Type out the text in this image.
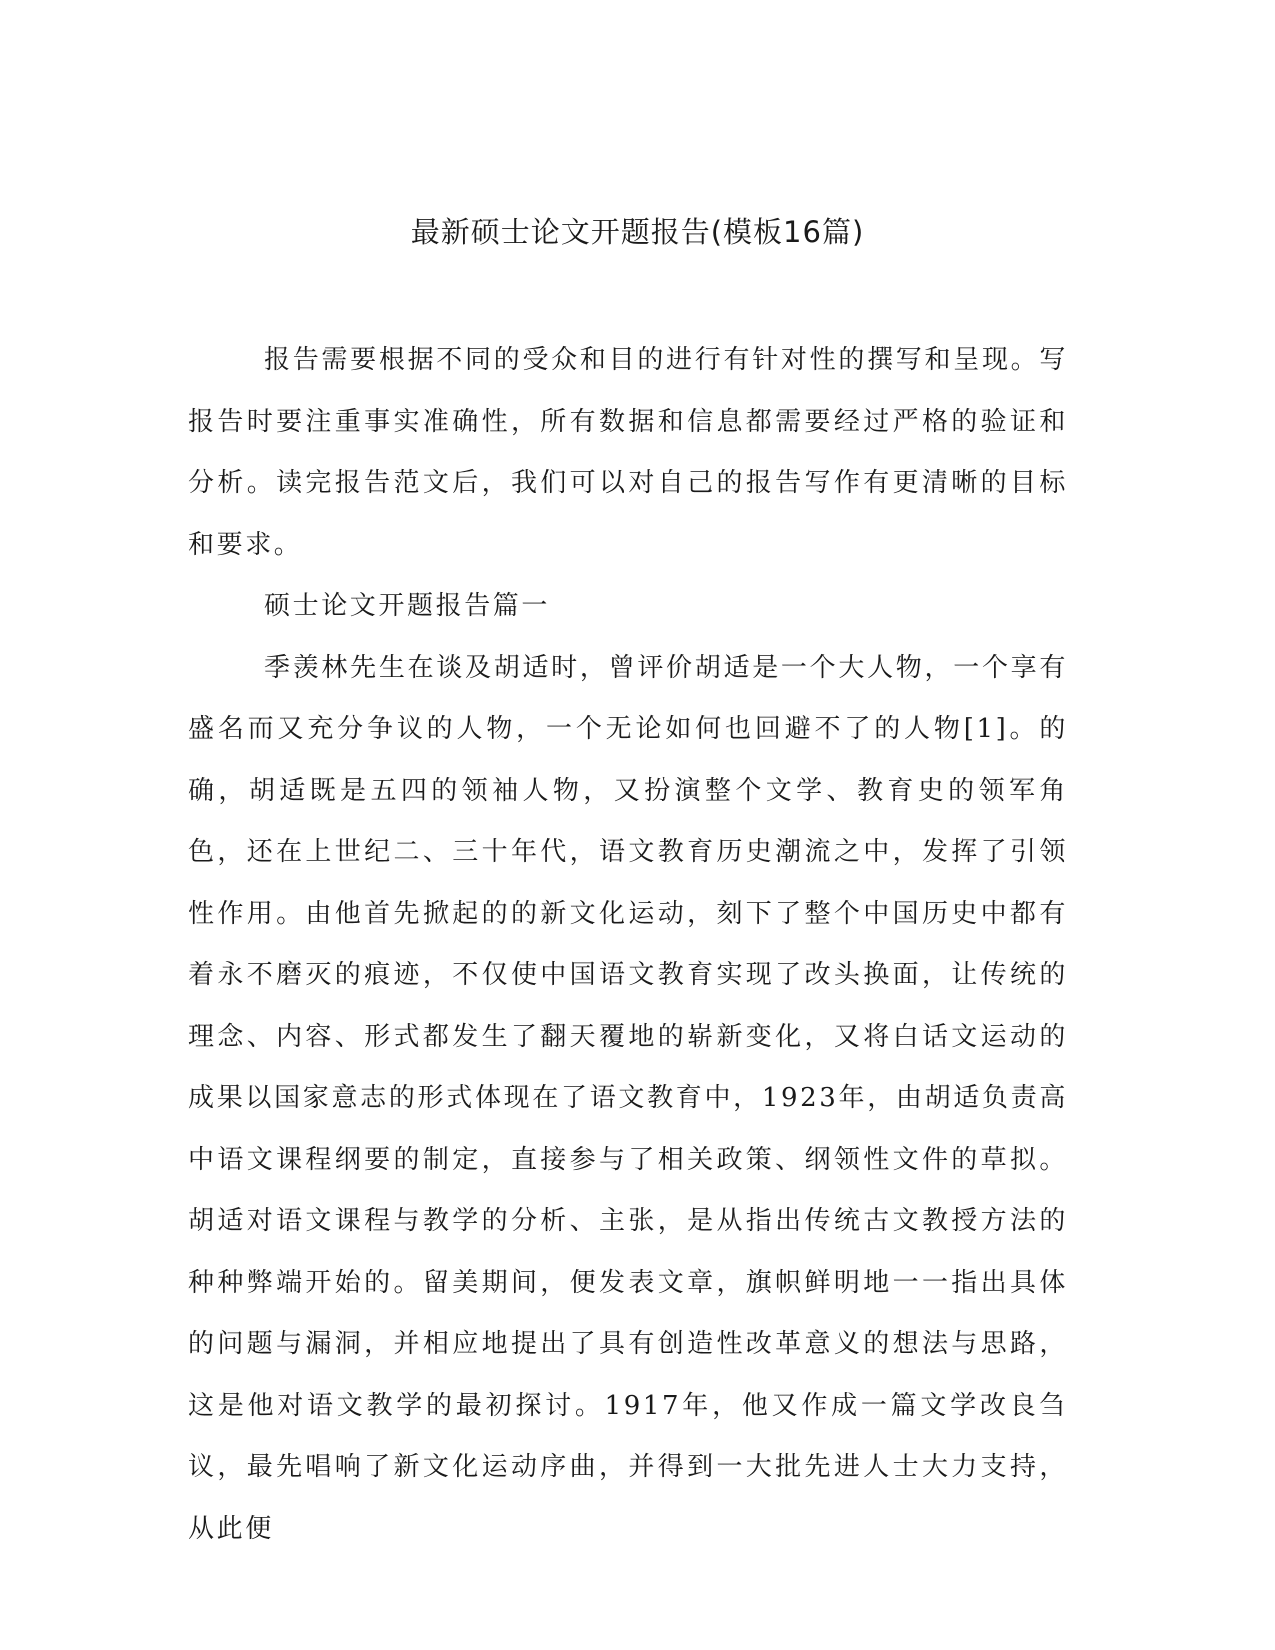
最新硕士论文开题报告(模板16篇)

报告需要根据不同的受众和目的进行有针对性的撰写和呈现。写报告时要注重事实准确性，所有数据和信息都需要经过严格的验证和分析。读完报告范文后，我们可以对自己的报告写作有更清晰的目标和要求。

硕士论文开题报告篇一

季羡林先生在谈及胡适时，曾评价胡适是一个大人物，一个享有盛名而又充分争议的人物，一个无论如何也回避不了的人物[1]。的确，胡适既是五四的领袖人物，又扮演整个文学、教育史的领军角色，还在上世纪二、三十年代，语文教育历史潮流之中，发挥了引领性作用。由他首先掀起的的新文化运动，刻下了整个中国历史中都有着永不磨灭的痕迹，不仅使中国语文教育实现了改头换面，让传统的理念、内容、形式都发生了翻天覆地的崭新变化，又将白话文运动的成果以国家意志的形式体现在了语文教育中，1923年，由胡适负责高中语文课程纲要的制定，直接参与了相关政策、纲领性文件的草拟。胡适对语文课程与教学的分析、主张，是从指出传统古文教授方法的种种弊端开始的。留美期间，便发表文章，旗帜鲜明地一一指出具体的问题与漏洞，并相应地提出了具有创造性改革意义的想法与思路，这是他对语文教学的最初探讨。1917年，他又作成一篇文学改良刍议，最先唱响了新文化运动序曲，并得到一大批先进人士大力支持，从此便
